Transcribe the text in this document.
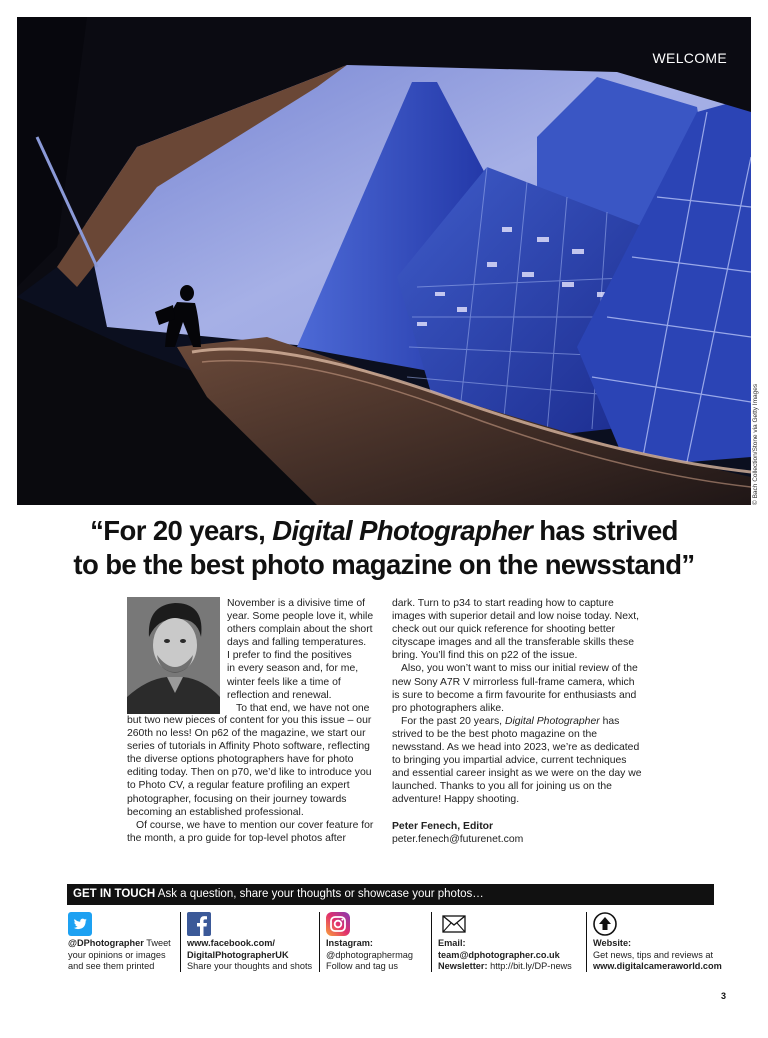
WELCOME
© Bach Collection/Stone via Getty Images
“For 20 years, Digital Photographer has strived
to be the best photo magazine on the newsstand”

November is a divisive time of

year. Some people love it, while

others complain about the short

days and falling temperatures.

I prefer to find the positives

in every season and, for me,

winter feels like a time of

reflection and renewal.

To that end, we have not one

but two new pieces of content for you this issue – our 260th no less! On p62 of the magazine, we start our series of tutorials in Affinity Photo software, reflecting the diverse options photographers have for photo editing today. Then on p70, we’d like to introduce you to Photo CV, a regular feature profiling an expert photographer, focusing on their journey towards becoming an established professional.

Of course, we have to mention our cover feature for the month, a pro guide for top-level photos after

dark. Turn to p34 to start reading how to capture images with superior detail and low noise today. Next, check out our quick reference for shooting better cityscape images and all the transferable skills these bring. You’ll find this on p22 of the issue.

Also, you won’t want to miss our initial review of the new Sony A7R V mirrorless full-frame camera, which is sure to become a firm favourite for enthusiasts and pro photographers alike.

For the past 20 years, Digital Photographer has strived to be the best photo magazine on the newsstand. As we head into 2023, we’re as dedicated to bringing you impartial advice, current techniques and essential career insight as we were on the day we launched. Thanks to you all for joining us on the adventure! Happy shooting.

Peter Fenech, Editor

peter.fenech@futurenet.com

GET IN TOUCH Ask a question, share your thoughts or showcase your photos…
@DPhotographer Tweet your opinions or images and see them printed
www.facebook.com/
DigitalPhotographerUK
Share your thoughts and shots
Instagram:
@dphotographermag
Follow and tag us
Email:
team@dphotographer.co.uk
Newsletter: http://bit.ly/DP-news
Website:
Get news, tips and reviews at
www.digitalcameraworld.com
3
